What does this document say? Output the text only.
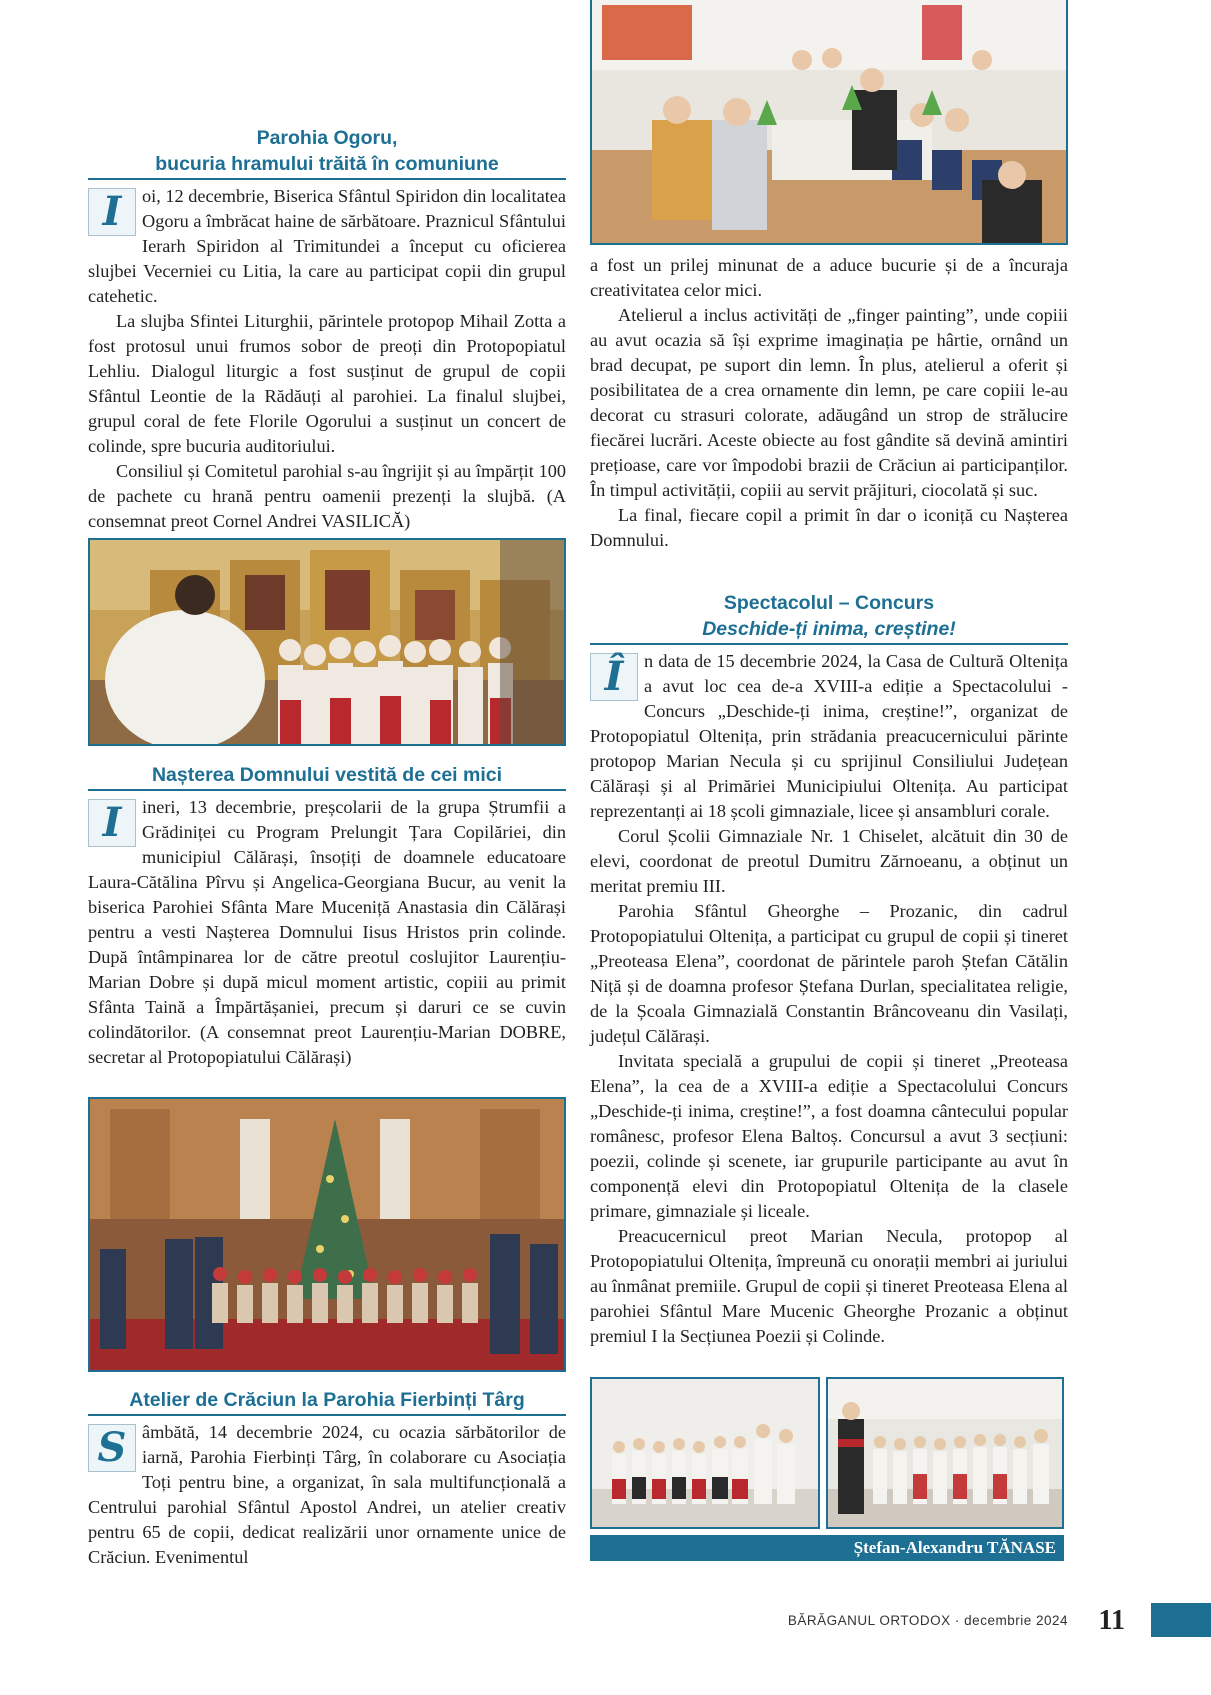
Parohia Ogoru,
bucuria hramului trăită în comuniune

I	oi, 12 decembrie, Biserica Sfântul Spiridon din localitatea Ogoru a îmbrăcat haine de sărbătoare. Praznicul Sfântului Ierarh Spiridon al Trimitundei a început cu oficierea slujbei Vecerniei cu Litia, la care au participat copii din grupul catehetic.

La slujba Sfintei Liturghii, părintele protopop Mihail Zotta a fost protosul unui frumos sobor de preoți din Protopopiatul Lehliu. Dialogul liturgic a fost susținut de grupul de copii Sfântul Leontie de la Rădăuți al parohiei. La finalul slujbei, grupul coral de fete Florile Ogorului a susținut un concert de colinde, spre bucuria auditoriului.

Consiliul și Comitetul parohial s-au îngrijit și au împărțit 100 de pachete cu hrană pentru oamenii prezenți la slujbă. (A consemnat preot Cornel Andrei VASILICĂ)

Nașterea Domnului vestită de cei mici

I	ineri, 13 decembrie, preșcolarii de la grupa Ștrumfii a Grădiniței cu Program Prelungit Țara Copilăriei, din municipiul Călărași, însoțiți de doamnele educatoare Laura-Cătălina Pîrvu și Angelica-Georgiana Bucur, au venit la biserica Parohiei Sfânta Mare Muceniță Anastasia din Călărași pentru a vesti Nașterea Domnului Iisus Hristos prin colinde. După întâmpinarea lor de către preotul coslujitor Laurențiu-Marian Dobre și după micul moment artistic, copiii au primit Sfânta Taină a Împărtășaniei, precum și daruri ce se cuvin colindătorilor. (A consemnat preot Laurențiu-Marian DOBRE, secretar al Protopopiatului Călărași)

Atelier de Crăciun la Parohia Fierbinți Târg

S âmbătă, 14 decembrie 2024, cu ocazia sărbătorilor de iarnă, Parohia Fierbinți Târg, în colaborare cu Asociația Toți pentru bine, a organizat, în sala multifuncțională a Centrului parohial Sfântul Apostol Andrei, un atelier creativ pentru 65 de copii, dedicat realizării unor ornamente unice de Crăciun. Evenimentul

a fost un prilej minunat de a aduce bucurie și de a încuraja creativitatea celor mici.

Atelierul a inclus activități de „finger painting”, unde copiii au avut ocazia să își exprime imaginația pe hârtie, ornând un brad decupat, pe suport din lemn. În plus, atelierul a oferit și posibilitatea de a crea ornamente din lemn, pe care copiii le-au decorat cu strasuri colorate, adăugând un strop de strălucire fiecărei lucrări. Aceste obiecte au fost gândite să devină amintiri prețioase, care vor împodobi brazii de Crăciun ai participanților. În timpul activității, copiii au servit prăjituri, ciocolată și suc.

La final, fiecare copil a primit în dar o iconiță cu Nașterea Domnului.

Spectacolul – Concurs
Deschide-ți inima, creștine!

Î	n data de 15 decembrie 2024, la Casa de Cultură Oltenița a avut loc cea de-a XVIII-a ediție a Spectacolului - Concurs „Deschide-ți inima, creștine!”, organizat de Protopopiatul Oltenița, prin strădania preacucernicului părinte protopop Marian Necula și cu sprijinul Consiliului Județean Călărași și al Primăriei Municipiului Oltenița. Au participat reprezentanți ai 18 școli gimnaziale, licee și ansambluri corale.

Corul Școlii Gimnaziale Nr. 1 Chiselet, alcătuit din 30 de elevi, coordonat de preotul Dumitru Zărnoeanu, a obținut un meritat premiu III.

Parohia Sfântul Gheorghe – Prozanic, din cadrul Protopopiatului Oltenița, a participat cu grupul de copii și tineret „Preoteasa Elena”, coordonat de părintele paroh Ștefan Cătălin Niță și de doamna profesor Ștefana Durlan, specialitatea religie, de la Școala Gimnazială Constantin Brâncoveanu din Vasilați, județul Călărași.

Invitata specială a grupului de copii și tineret „Preoteasa Elena”, la cea de a XVIII-a ediție a Spectacolului Concurs „Deschide-ți inima, creștine!”, a fost doamna cântecului popular românesc, profesor Elena Baltoș. Concursul a avut 3 secțiuni: poezii, colinde și scenete, iar grupurile participante au avut în componență elevi din Protopopiatul Oltenița de la clasele primare, gimnaziale și liceale.

Preacucernicul preot Marian Necula, protopop al Protopopiatului Oltenița, împreună cu onorații membri ai juriului au înmânat premiile. Grupul de copii și tineret Preoteasa Elena al parohiei Sfântul Mare Mucenic Gheorghe Prozanic a obținut premiul I la Secțiunea Poezii și Colinde.

Ștefan-Alexandru TĂNASE
BĂRĂGANUL ORTODOX · decembrie 2024 11
